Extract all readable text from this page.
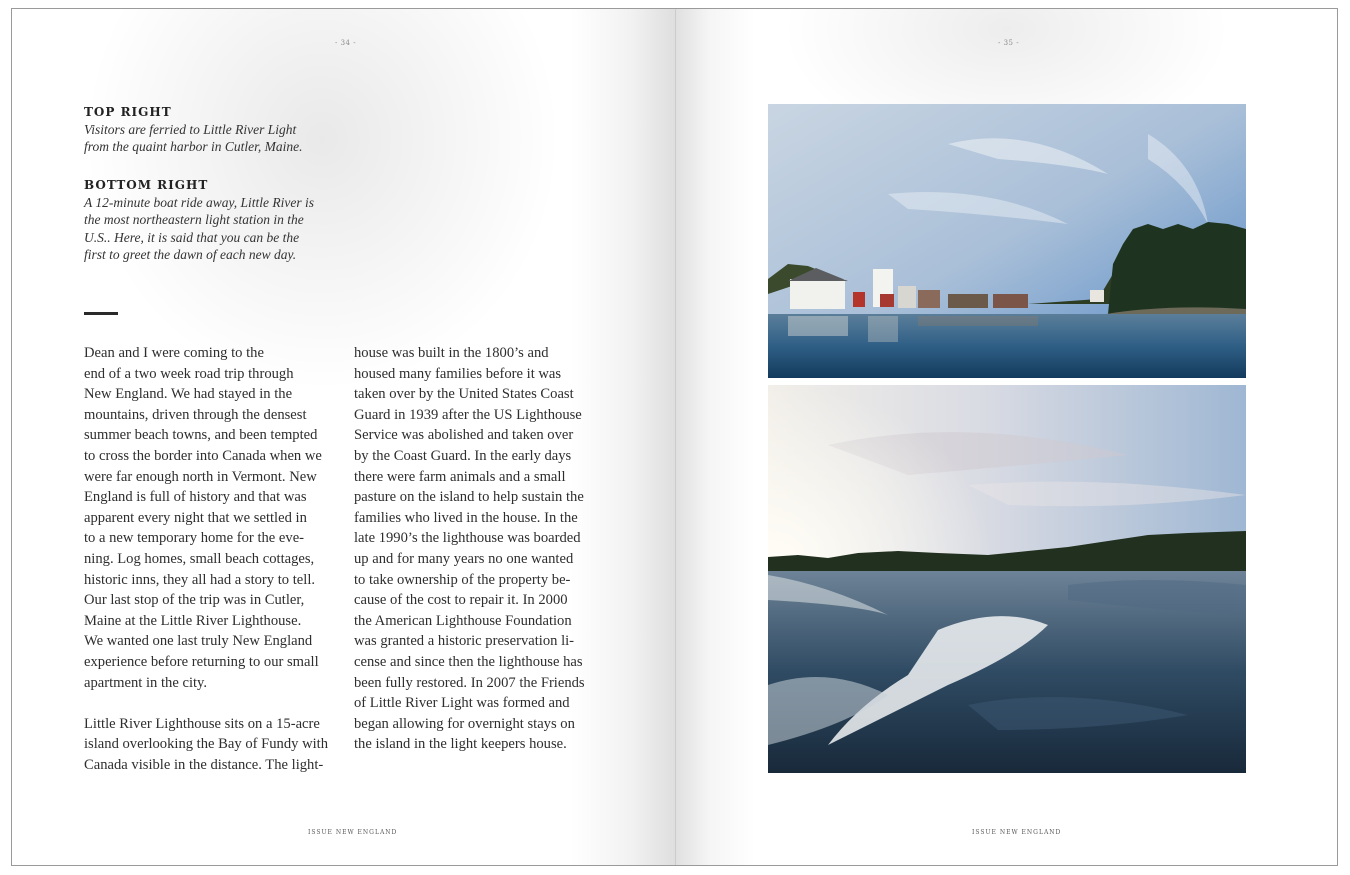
- 34 -

TOP RIGHT

Visitors are ferried to Little River Light
from the quaint harbor in Cutler, Maine.

BOTTOM RIGHT

A 12-minute boat ride away, Little River is
the most northeastern light station in the
U.S.. Here, it is said that you can be the
first to greet the dawn of each new day.

Dean and I were coming to the
end of a two week road trip through
New England. We had stayed in the
mountains, driven through the densest
summer beach towns, and been tempted
to cross the border into Canada when we
were far enough north in Vermont. New
England is full of history and that was
apparent every night that we settled in
to a new temporary home for the eve-
ning. Log homes, small beach cottages,
historic inns, they all had a story to tell.
Our last stop of the trip was in Cutler,
Maine at the Little River Lighthouse.
We wanted one last truly New England
experience before returning to our small
apartment in the city.

Little River Lighthouse sits on a 15-acre
island overlooking the Bay of Fundy with
Canada visible in the distance. The light-

house was built in the 1800’s and
housed many families before it was
taken over by the United States Coast
Guard in 1939 after the US Lighthouse
Service was abolished and taken over
by the Coast Guard. In the early days
there were farm animals and a small
pasture on the island to help sustain the
families who lived in the house. In the
late 1990’s the lighthouse was boarded
up and for many years no one wanted
to take ownership of the property be-
cause of the cost to repair it. In 2000
the American Lighthouse Foundation
was granted a historic preservation li-
cense and since then the lighthouse has
been fully restored. In 2007 the Friends
of Little River Light was formed and
began allowing for overnight stays on
the island in the light keepers house.

ISSUE NEW ENGLAND
- 35 -
ISSUE NEW ENGLAND
